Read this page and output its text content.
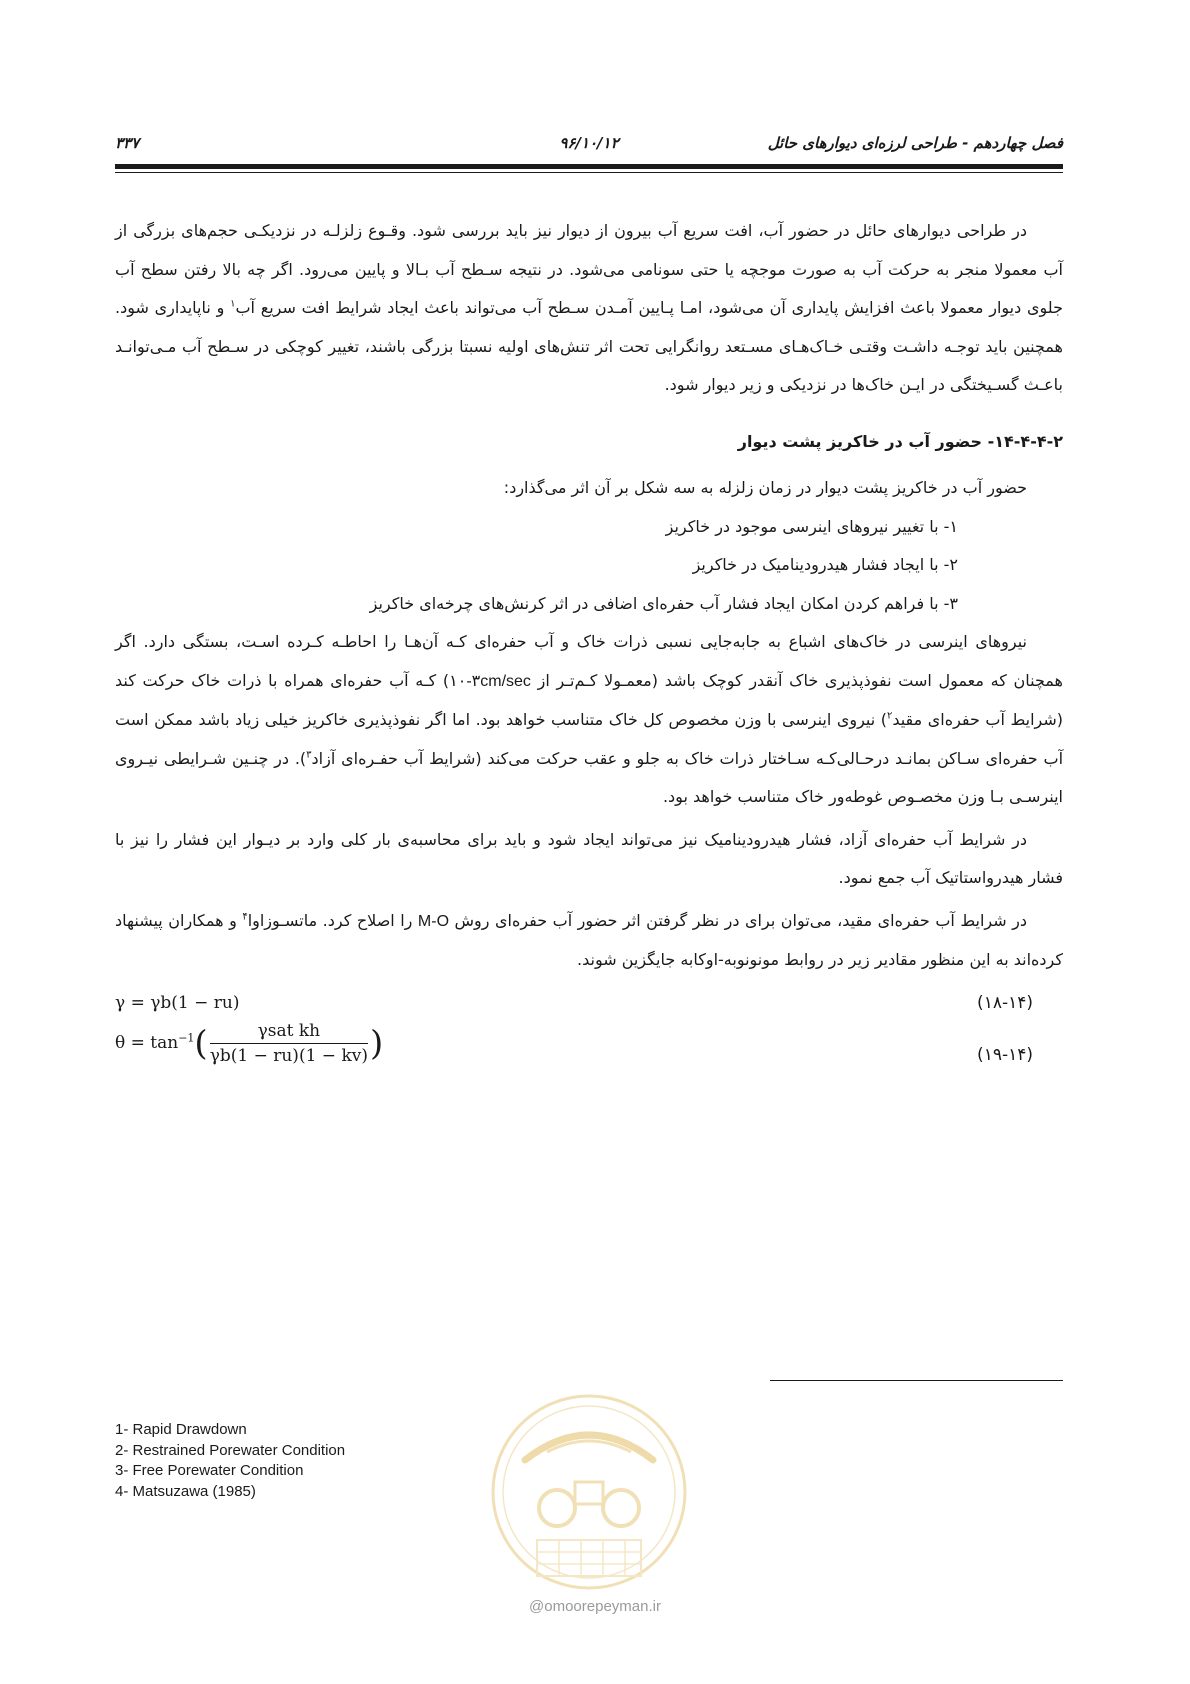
فصل چهاردهم - طراحی لرزه‌ای دیوارهای حائل
۹۶/۱۰/۱۲
۳۳۷

در طراحی دیوارهای حائل در حضور آب، افت سریع آب بیرون از دیوار نیز باید بررسی شود. وقـوع زلزلـه در نزدیکـی حجم‌های بزرگی از آب معمولا منجر به حرکت آب به صورت موجچه یا حتی سونامی می‌شود. در نتیجه سـطح آب بـالا و پایین می‌رود. اگر چه بالا رفتن سطح آب جلوی دیوار معمولا باعث افزایش پایداری آن می‌شود، امـا پـایین آمـدن سـطح آب می‌تواند باعث ایجاد شرایط افت سریع آب$^۱$ و ناپایداری شود. همچنین باید توجـه داشـت وقتـی خـاک‌هـای مسـتعد روانگرایی تحت اثر تنش‌های اولیه نسبتا بزرگی باشند، تغییر کوچکی در سـطح آب مـی‌توانـد باعـث گسـیختگی در ایـن خاک‌ها در نزدیکی و زیر دیوار شود.

۱۴-۴-۴-۲- حضور آب در خاکریز پشت دیوار

حضور آب در خاکریز پشت دیوار در زمان زلزله به سه شکل بر آن اثر می‌گذارد:

۱- با تغییر نیروهای اینرسی موجود در خاکریز
۲- با ایجاد فشار هیدرودینامیک در خاکریز
۳- با فراهم کردن امکان ایجاد فشار آب حفره‌ای اضافی در اثر کرنش‌های چرخه‌ای خاکریز

نیروهای اینرسی در خاک‌های اشباع به جابه‌جایی نسبی ذرات خاک و آب حفره‌ای کـه آن‌هـا را احاطـه کـرده اسـت، بستگی دارد. اگر همچنان که معمول است نفوذپذیری خاک آنقدر کوچک باشد (معمـولا کـم‌تـر از ۱۰-۳cm/sec) کـه آب حفره‌ای همراه با ذرات خاک حرکت کند (شرایط آب حفره‌ای مقید$^۲$) نیروی اینرسی با وزن مخصوص کل خاک متناسب خواهد بود. اما اگر نفوذپذیری خاکریز خیلی زیاد باشد ممکن است آب حفره‌ای سـاکن بمانـد درحـالی‌کـه سـاختار ذرات خاک به جلو و عقب حرکت می‌کند (شرایط آب حفـره‌ای آزاد$^۳$). در چنـین شـرایطی نیـروی اینرسـی بـا وزن مخصـوص غوطه‌ور خاک متناسب خواهد بود.

در شرایط آب حفره‌ای آزاد، فشار هیدرودینامیک نیز می‌تواند ایجاد شود و باید برای محاسبه‌ی بار کلی وارد بر دیـوار این فشار را نیز با فشار هیدرواستاتیک آب جمع نمود.

در شرایط آب حفره‌ای مقید، می‌توان برای در نظر گرفتن اثر حضور آب حفره‌ای روش M-O را اصلاح کرد. ماتسـوزاوا$^۴$ و همکاران پیشنهاد کرده‌اند به این منظور مقادیر زیر در روابط مونونوبه-اوکابه جایگزین شوند.

γ = γb(1 − ru)	(۱۸-۱۴)
$\theta = \tan^{-1}( \frac{\text{γsat kh}}{\gamma b(1 - ru)(1 - kv)}$ )	(۱۹-۱۴)
1- Rapid Drawdown
2- Restrained Porewater Condition
3- Free Porewater Condition
4- Matsuzawa (1985)
@omoorepeyman.ir
